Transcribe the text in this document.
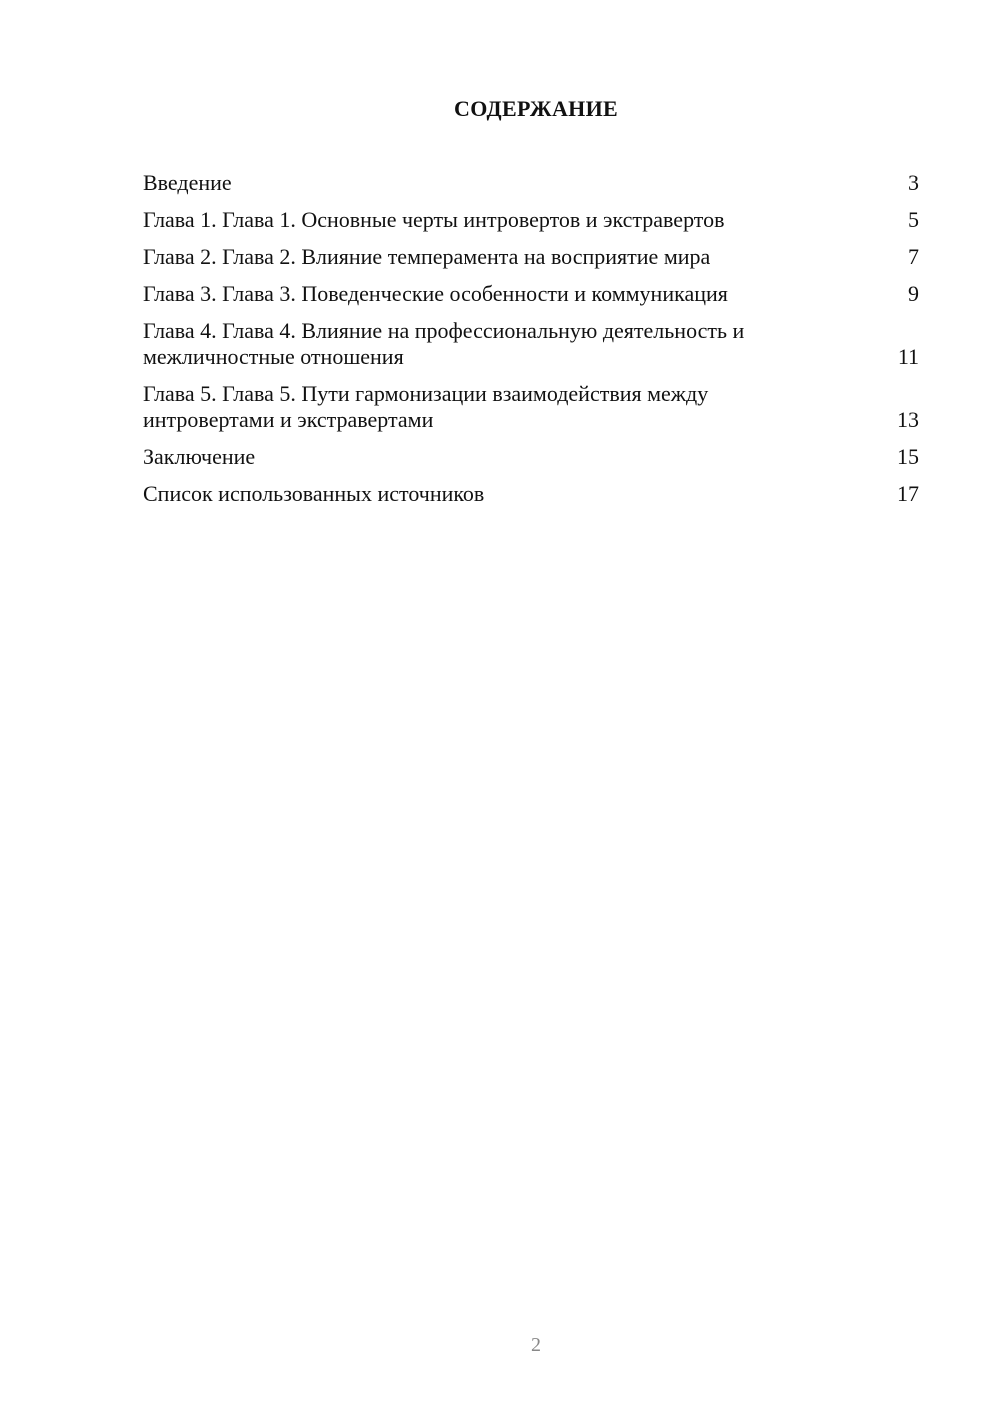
СОДЕРЖАНИЕ
Введение	3
Глава 1. Глава 1. Основные черты интровертов и экстравертов	5
Глава 2. Глава 2. Влияние темперамента на восприятие мира	7
Глава 3. Глава 3. Поведенческие особенности и коммуникация	9
Глава 4. Глава 4. Влияние на профессиональную деятельность и межличностные отношения	11
Глава 5. Глава 5. Пути гармонизации взаимодействия между интровертами и экстравертами	13
Заключение	15
Список использованных источников	17
2
